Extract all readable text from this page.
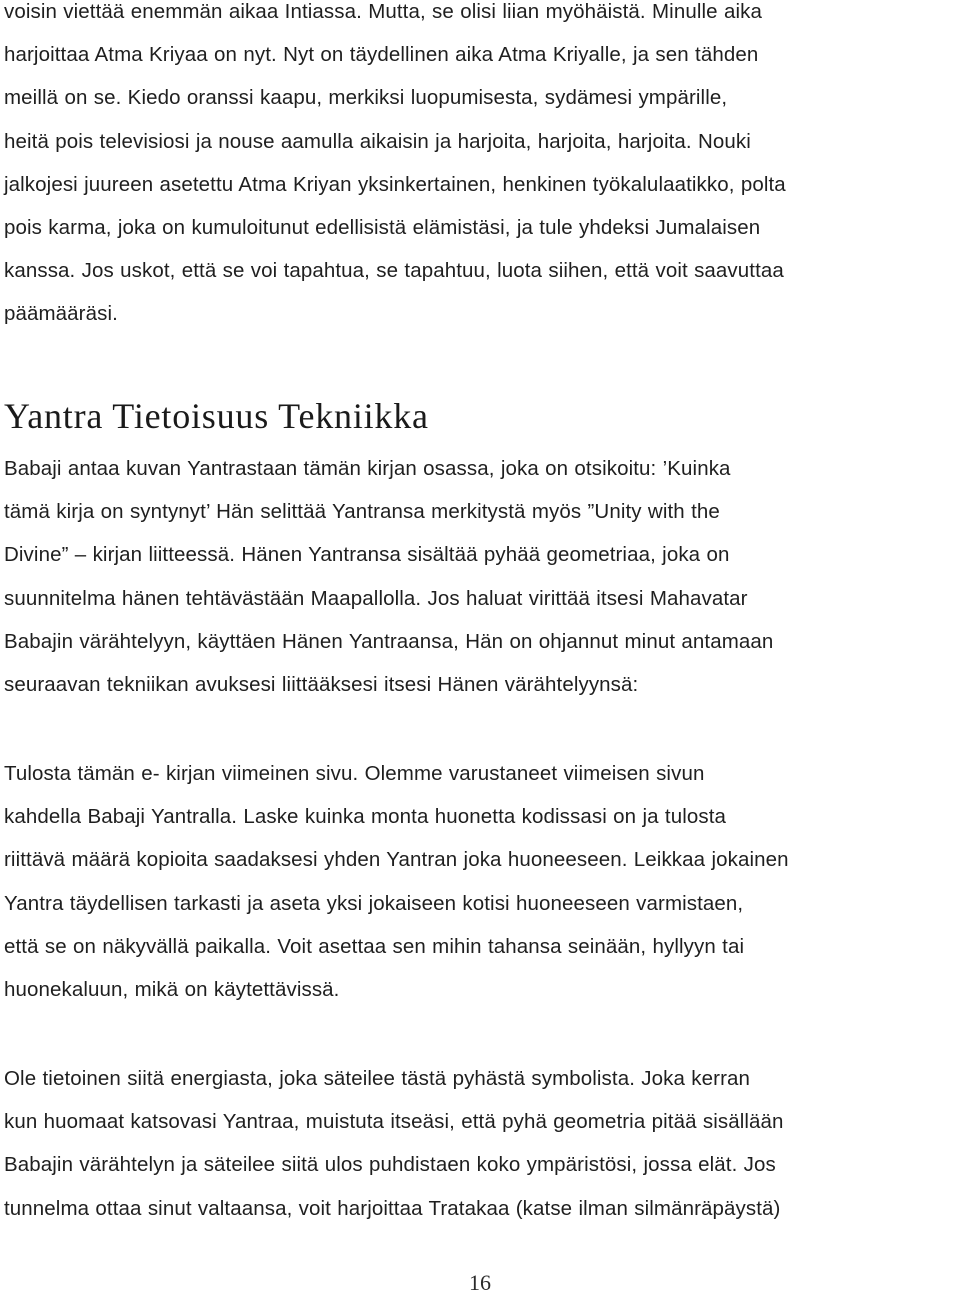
voisin viettää enemmän aikaa Intiassa. Mutta, se olisi liian myöhäistä. Minulle aika
harjoittaa Atma Kriyaa on nyt. Nyt on täydellinen aika Atma Kriyalle, ja sen tähden
meillä on se. Kiedo oranssi kaapu, merkiksi luopumisesta, sydämesi ympärille,
heitä pois televisiosi ja nouse aamulla aikaisin ja harjoita, harjoita, harjoita. Nouki
jalkojesi juureen asetettu Atma Kriyan yksinkertainen, henkinen työkalulaatikko, polta
pois karma, joka on kumuloitunut edellisistä elämistäsi, ja tule yhdeksi Jumalaisen
kanssa. Jos uskot, että se voi tapahtua, se tapahtuu, luota siihen, että voit saavuttaa
päämääräsi.

Yantra Tietoisuus Tekniikka

Babaji antaa kuvan Yantrastaan tämän kirjan osassa, joka on otsikoitu: ’Kuinka
tämä kirja on syntynyt’ Hän selittää Yantransa merkitystä myös ”Unity with the
Divine” – kirjan liitteessä. Hänen Yantransa sisältää pyhää geometriaa, joka on
suunnitelma hänen tehtävästään Maapallolla. Jos haluat virittää itsesi Mahavatar
Babajin värähtelyyn, käyttäen Hänen Yantraansa, Hän on ohjannut minut antamaan
seuraavan tekniikan avuksesi liittääksesi itsesi Hänen värähtelyynsä:

Tulosta tämän e- kirjan viimeinen sivu. Olemme varustaneet viimeisen sivun
kahdella Babaji Yantralla. Laske kuinka monta huonetta kodissasi on ja tulosta
riittävä määrä kopioita saadaksesi yhden Yantran joka huoneeseen. Leikkaa jokainen
Yantra täydellisen tarkasti ja aseta yksi jokaiseen kotisi huoneeseen varmistaen,
että se on näkyvällä paikalla. Voit asettaa sen mihin tahansa seinään, hyllyyn tai
huonekaluun, mikä on käytettävissä.

Ole tietoinen siitä energiasta, joka säteilee tästä pyhästä symbolista. Joka kerran
kun huomaat katsovasi Yantraa, muistuta itseäsi, että pyhä geometria pitää sisällään
Babajin värähtelyn ja säteilee siitä ulos puhdistaen koko ympäristösi, jossa elät. Jos
tunnelma ottaa sinut valtaansa, voit harjoittaa Tratakaa (katse ilman silmänräpäystä)

16
